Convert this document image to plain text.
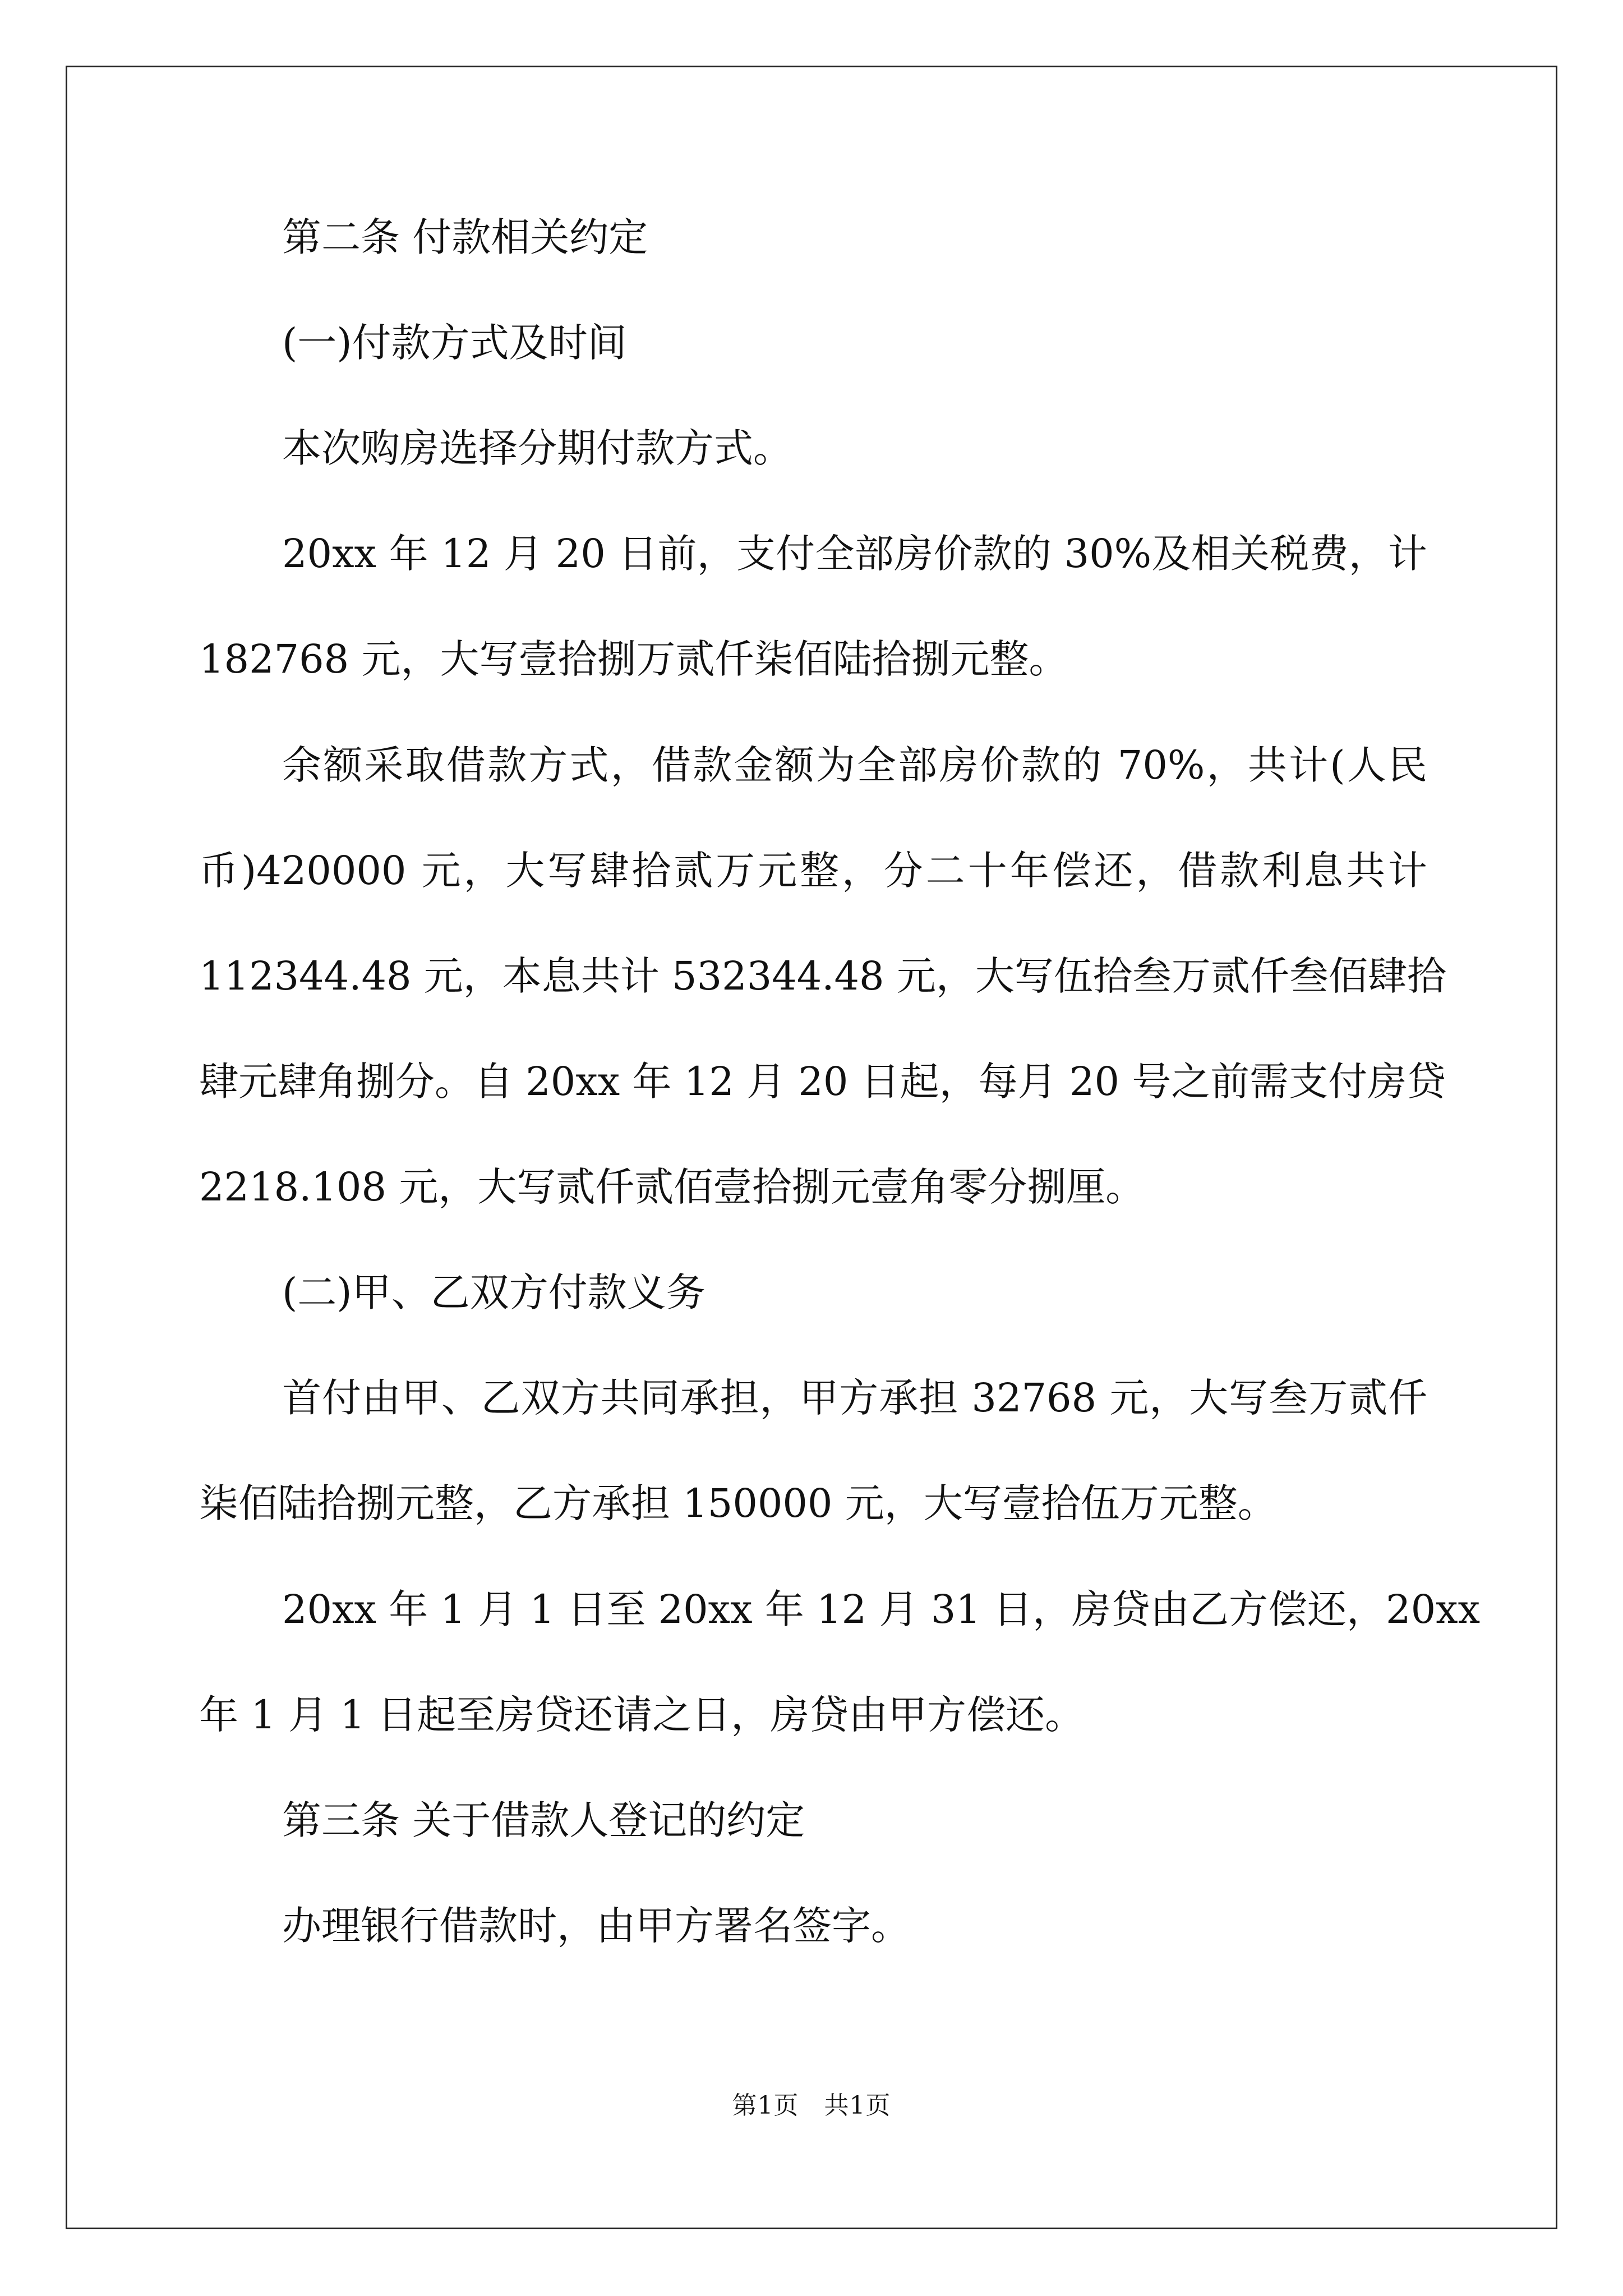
第二条 付款相关约定
(一)付款方式及时间
本次购房选择分期付款方式。
20xx 年 12 月 20 日前，支付全部房价款的 30%及相关税费，计
182768 元，大写壹拾捌万贰仟柒佰陆拾捌元整。
余额采取借款方式，借款金额为全部房价款的 70%，共计(人民
币)420000 元，大写肆拾贰万元整，分二十年偿还，借款利息共计
112344.48 元，本息共计 532344.48 元，大写伍拾叁万贰仟叁佰肆拾
肆元肆角捌分。自 20xx 年 12 月 20 日起，每月 20 号之前需支付房贷
2218.108 元，大写贰仟贰佰壹拾捌元壹角零分捌厘。
(二)甲、乙双方付款义务
首付由甲、乙双方共同承担，甲方承担 32768 元，大写叁万贰仟
柒佰陆拾捌元整，乙方承担 150000 元，大写壹拾伍万元整。
20xx 年 1 月 1 日至 20xx 年 12 月 31 日，房贷由乙方偿还，20xx
年 1 月 1 日起至房贷还请之日，房贷由甲方偿还。
第三条 关于借款人登记的约定
办理银行借款时，由甲方署名签字。
第1页   共1页
